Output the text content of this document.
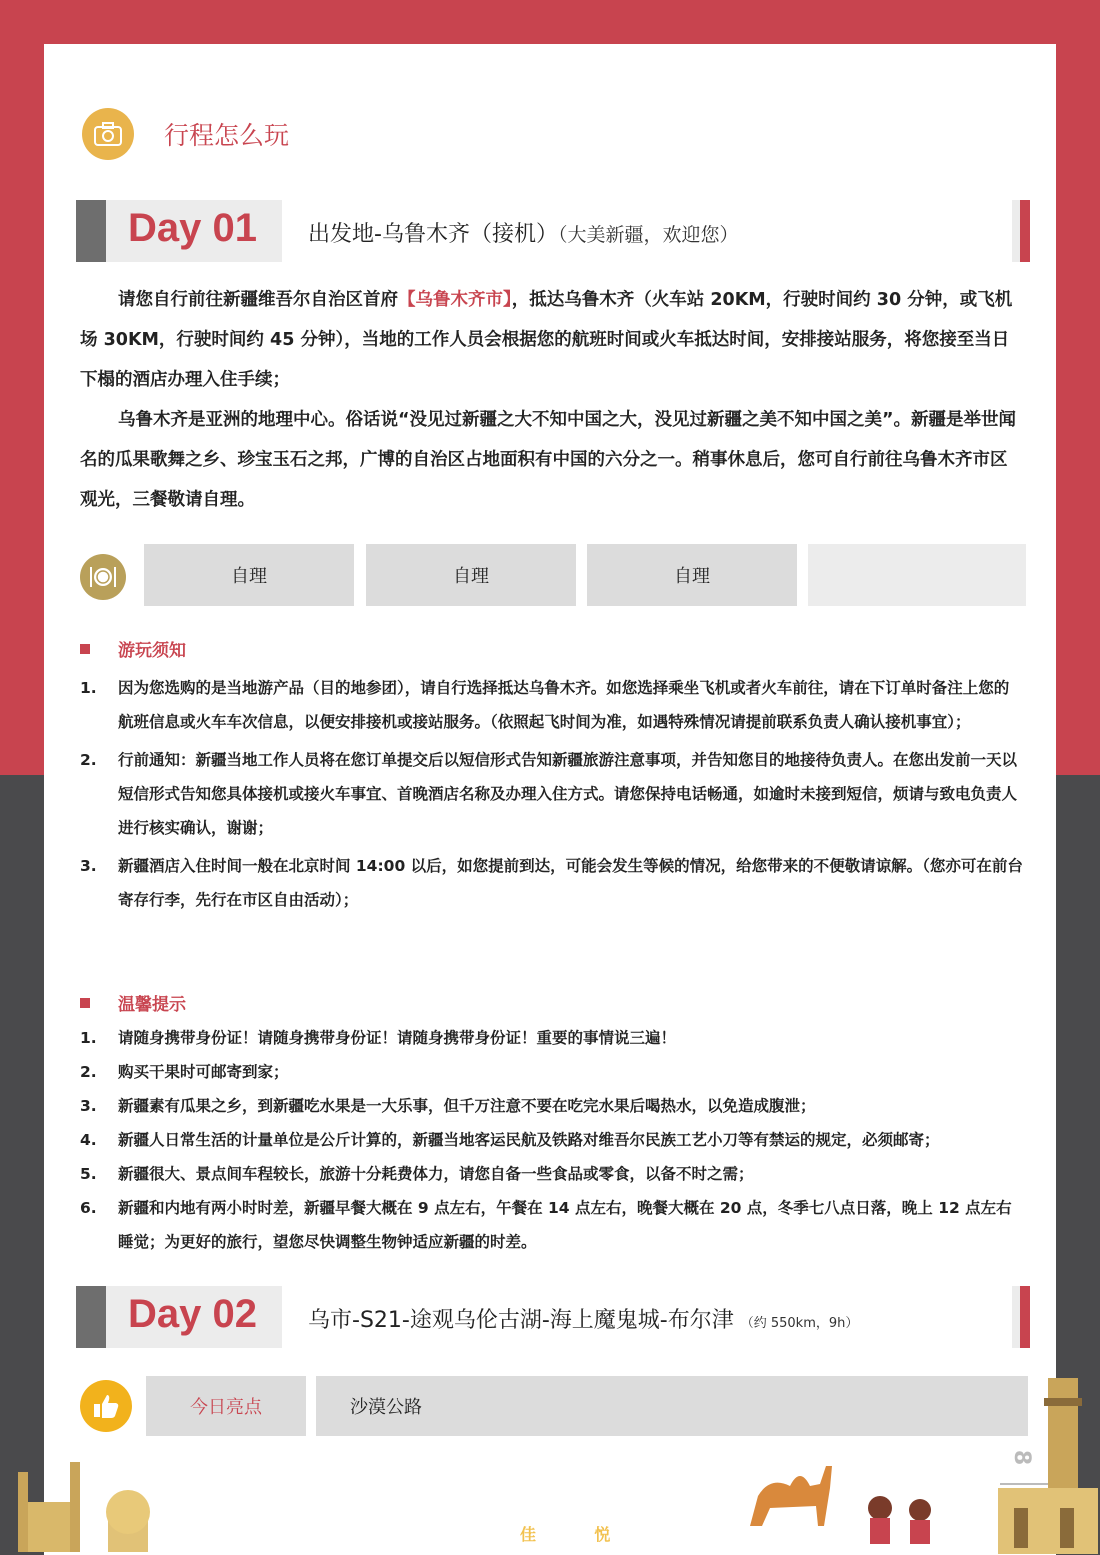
行程怎么玩
Day 01 出发地-乌鲁木齐（接机）（大美新疆，欢迎您）

请您自行前往新疆维吾尔自治区首府【乌鲁木齐市】，抵达乌鲁木齐（火车站 20KM，行驶时间约 30 分钟，或飞机场 30KM，行驶时间约 45 分钟），当地的工作人员会根据您的航班时间或火车抵达时间，安排接站服务，将您接至当日下榻的酒店办理入住手续；

乌鲁木齐是亚洲的地理中心。俗话说“没见过新疆之大不知中国之大，没见过新疆之美不知中国之美”。新疆是举世闻名的瓜果歌舞之乡、珍宝玉石之邦，广博的自治区占地面积有中国的六分之一。稍事休息后，您可自行前往乌鲁木齐市区观光，三餐敬请自理。

自理	自理	自理
游玩须知
1.	因为您选购的是当地游产品（目的地参团），请自行选择抵达乌鲁木齐。如您选择乘坐飞机或者火车前往，请在下订单时备注上您的航班信息或火车车次信息，以便安排接机或接站服务。（依照起飞时间为准，如遇特殊情况请提前联系负责人确认接机事宜）；
2.	行前通知：新疆当地工作人员将在您订单提交后以短信形式告知新疆旅游注意事项，并告知您目的地接待负责人。在您出发前一天以短信形式告知您具体接机或接火车事宜、首晚酒店名称及办理入住方式。请您保持电话畅通，如逾时未接到短信，烦请与致电负责人进行核实确认，谢谢；
3.	新疆酒店入住时间一般在北京时间 14:00 以后，如您提前到达，可能会发生等候的情况，给您带来的不便敬请谅解。（您亦可在前台寄存行李，先行在市区自由活动）；
温馨提示
1.	请随身携带身份证！请随身携带身份证！请随身携带身份证！重要的事情说三遍！
2.	购买干果时可邮寄到家；
3.	新疆素有瓜果之乡，到新疆吃水果是一大乐事，但千万注意不要在吃完水果后喝热水，以免造成腹泄；
4.	新疆人日常生活的计量单位是公斤计算的，新疆当地客运民航及铁路对维吾尔民族工艺小刀等有禁运的规定，必须邮寄；
5.	新疆很大、景点间车程较长，旅游十分耗费体力，请您自备一些食品或零食，以备不时之需；
6.	新疆和内地有两小时时差，新疆早餐大概在 9 点左右，午餐在 14 点左右，晚餐大概在 20 点，冬季七八点日落，晚上 12 点左右睡觉；为更好的旅行，望您尽快调整生物钟适应新疆的时差。
Day 02 乌市-S21-途观乌伦古湖-海上魔鬼城-布尔津 （约 550km，9h）
今日亮点	沙漠公路
8
□□□□□□□ □□□□□ □	佳·游世界 悦·享旅程
